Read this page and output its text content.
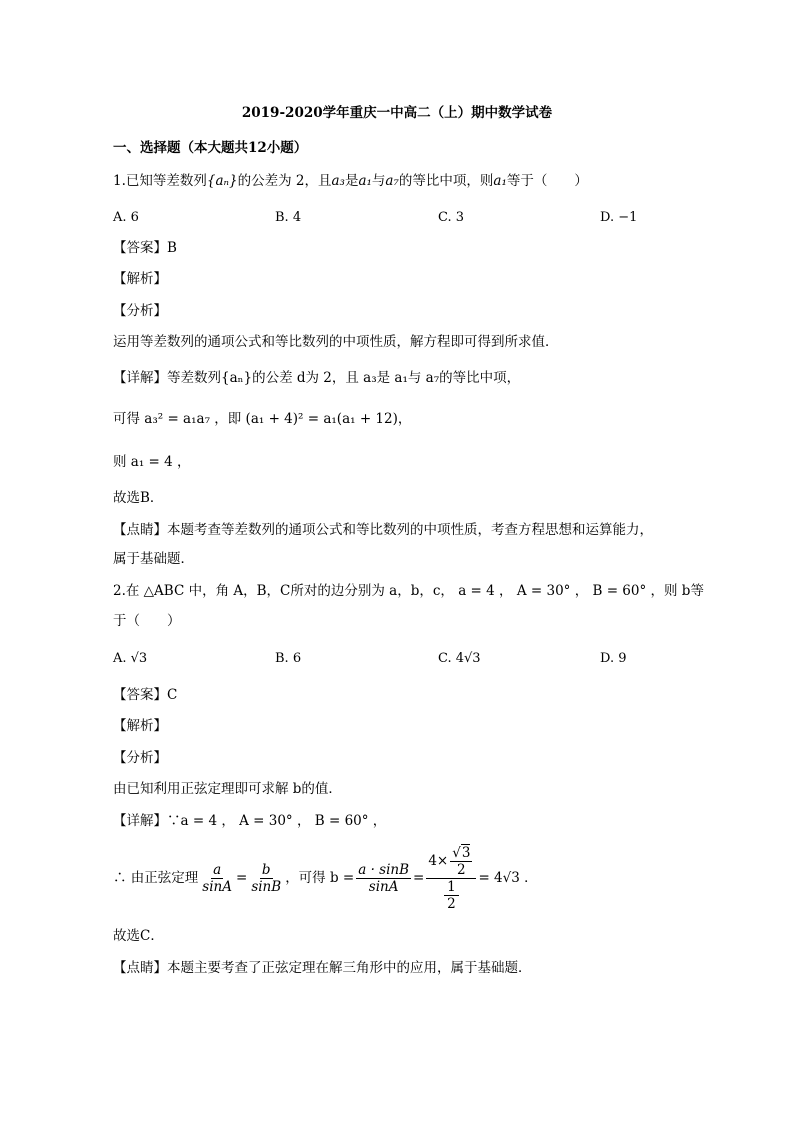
2019-2020学年重庆一中高二（上）期中数学试卷
一、选择题（本大题共12小题）
1.已知等差数列{aₙ}的公差为 2，且a₃是a₁与a₇的等比中项，则a₁等于（　　）
A. 6	B. 4	C. 3	D. −1
【答案】B
【解析】
【分析】
运用等差数列的通项公式和等比数列的中项性质，解方程即可得到所求值．
【详解】等差数列{aₙ}的公差 d为 2，且 a₃是 a₁与 a₇的等比中项，
可得 a₃² = a₁a₇ ，即 (a₁ + 4)² = a₁(a₁ + 12)，
则 a₁ = 4 ，
故选B．
【点睛】本题考查等差数列的通项公式和等比数列的中项性质，考查方程思想和运算能力，
属于基础题．
2.在 △ABC 中，角 A，B，C所对的边分别为 a，b，c， a = 4 ， A = 30° ， B = 60° ，则 b等
于（　　）
A. √3	B. 6	C. 4√3	D. 9
【答案】C
【解析】
【分析】
由已知利用正弦定理即可求解 b的值．
【详解】∵a = 4 ， A = 30° ， B = 60° ，
∴ 由正弦定理 $\frac{a}{\sin A} = \frac{b}{\sin B}$ ，可得 $b = \frac{a \cdot \sin B}{\sin A} = \frac{4\times \frac{√3}{2}}{\frac{1}{2}} = 4√3$ ．
故选C．
【点睛】本题主要考查了正弦定理在解三角形中的应用，属于基础题．
